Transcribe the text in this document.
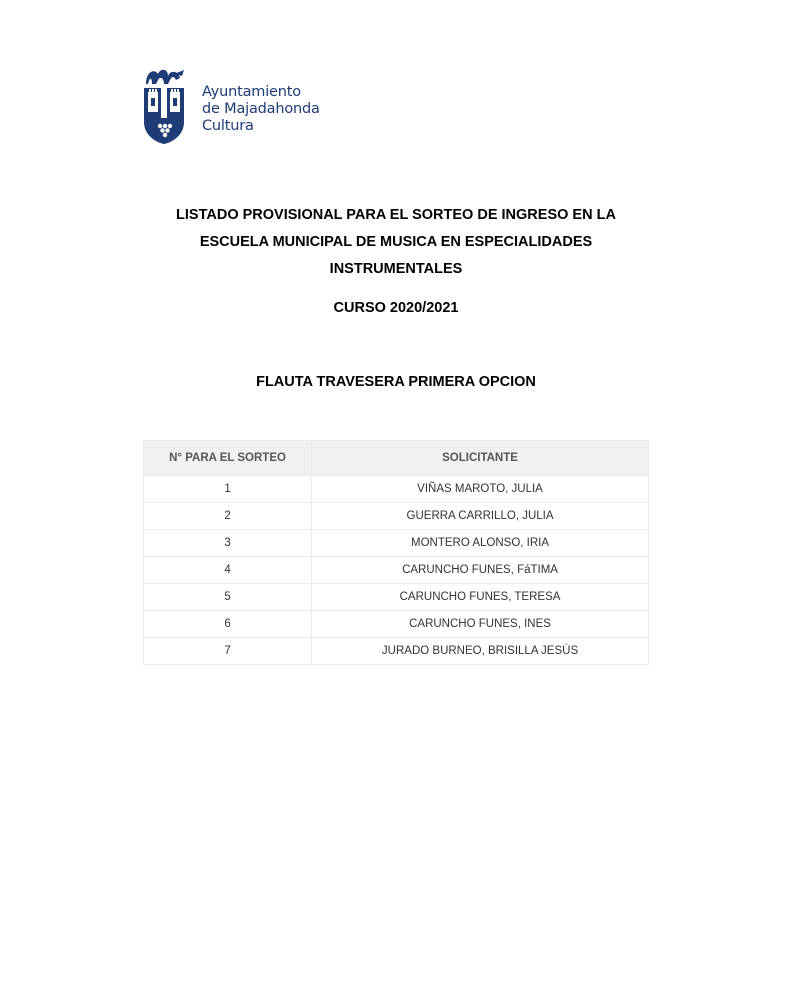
Ayuntamiento
de Majadahonda
Cultura
LISTADO PROVISIONAL PARA EL SORTEO DE INGRESO EN LA
ESCUELA MUNICIPAL DE MUSICA EN ESPECIALIDADES
INSTRUMENTALES
CURSO 2020/2021
FLAUTA TRAVESERA PRIMERA OPCION
N° PARA EL SORTEO	SOLICITANTE
1	VIÑAS MAROTO, JULIA
2	GUERRA CARRILLO, JULIA
3	MONTERO ALONSO, IRIA
4	CARUNCHO FUNES, FáTIMA
5	CARUNCHO FUNES, TERESA
6	CARUNCHO FUNES, INES
7	JURADO BURNEO, BRISILLA JESÚS
